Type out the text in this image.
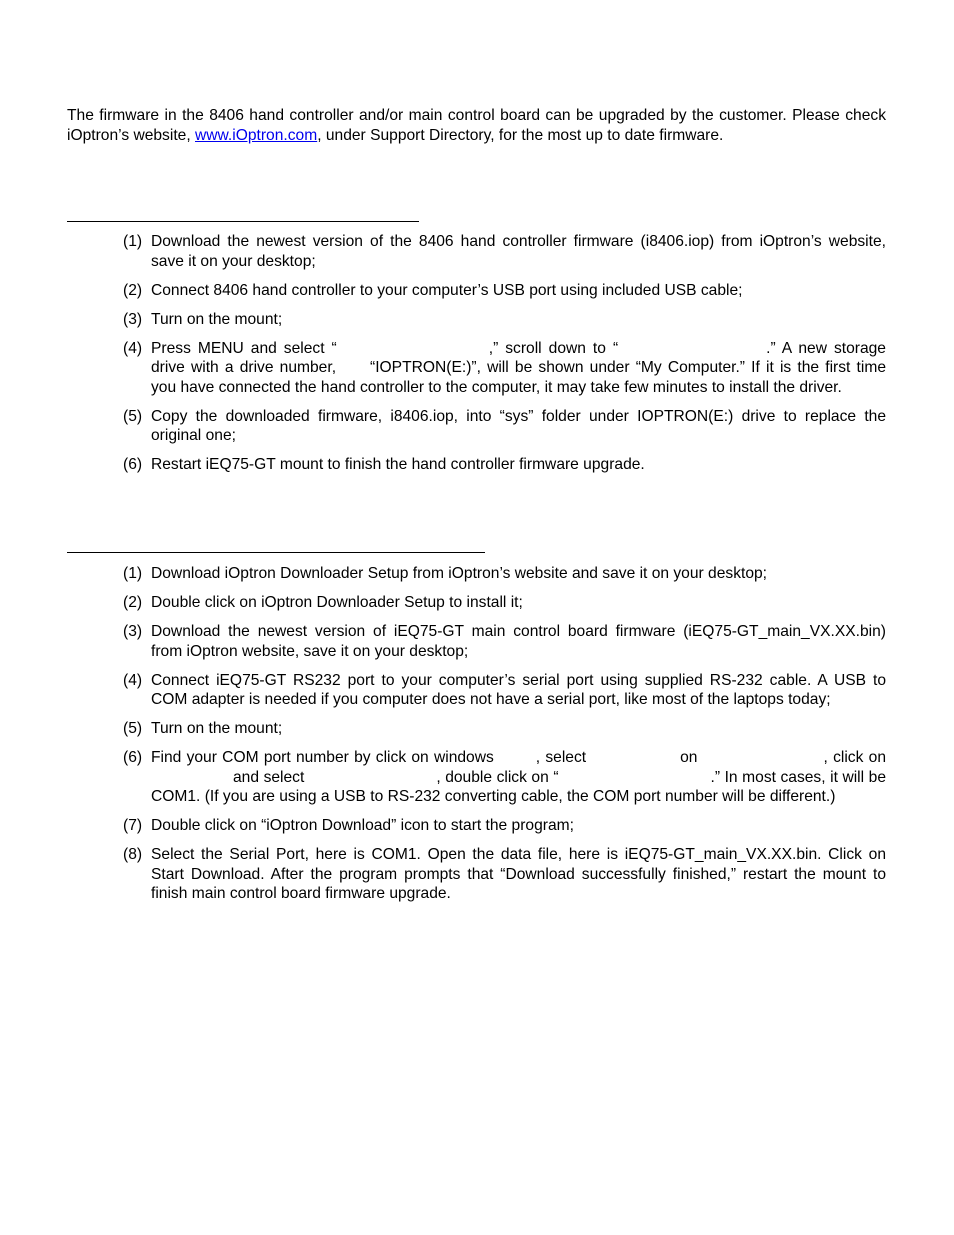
The firmware in the 8406 hand controller and/or main control board can be upgraded by the customer. Please check iOptron’s website, www.iOptron.com, under Support Directory, for the most up to date firmware.

(1) Download the newest version of the 8406 hand controller firmware (i8406.iop) from iOptron’s website, save it on your desktop;
(2) Connect 8406 hand controller to your computer’s USB port using included USB cable;
(3) Turn on the mount;
(4) Press MENU and select “	,” scroll down to “	.” A new storage drive with a drive number, “IOPTRON(E:)”, will be shown under “My Computer.” If it is the first time you have connected the hand controller to the computer, it may take few minutes to install the driver.
(5) Copy the downloaded firmware, i8406.iop, into “sys” folder under IOPTRON(E:) drive to replace the original one;
(6) Restart iEQ75-GT mount to finish the hand controller firmware upgrade.
(1) Download iOptron Downloader Setup from iOptron’s website and save it on your desktop;
(2) Double click on iOptron Downloader Setup to install it;
(3) Download the newest version of iEQ75-GT main control board firmware (iEQ75-GT_main_VX.XX.bin) from iOptron website, save it on your desktop;
(4) Connect iEQ75-GT RS232 port to your computer’s serial port using supplied RS-232 cable. A USB to COM adapter is needed if you computer does not have a serial port, like most of the laptops today;
(5) Turn on the mount;
(6) Find your COM port number by click on windows	, select	on	, click onand select	, double click on “	.” In most cases, it will be COM1. (If you are using a USB to RS-232 converting cable, the COM port number will be different.)
(7) Double click on “iOptron Download” icon to start the program;
(8) Select the Serial Port, here is COM1. Open the data file, here is iEQ75-GT_main_VX.XX.bin. Click on Start Download. After the program prompts that “Download successfully finished,” restart the mount to finish main control board firmware upgrade.
